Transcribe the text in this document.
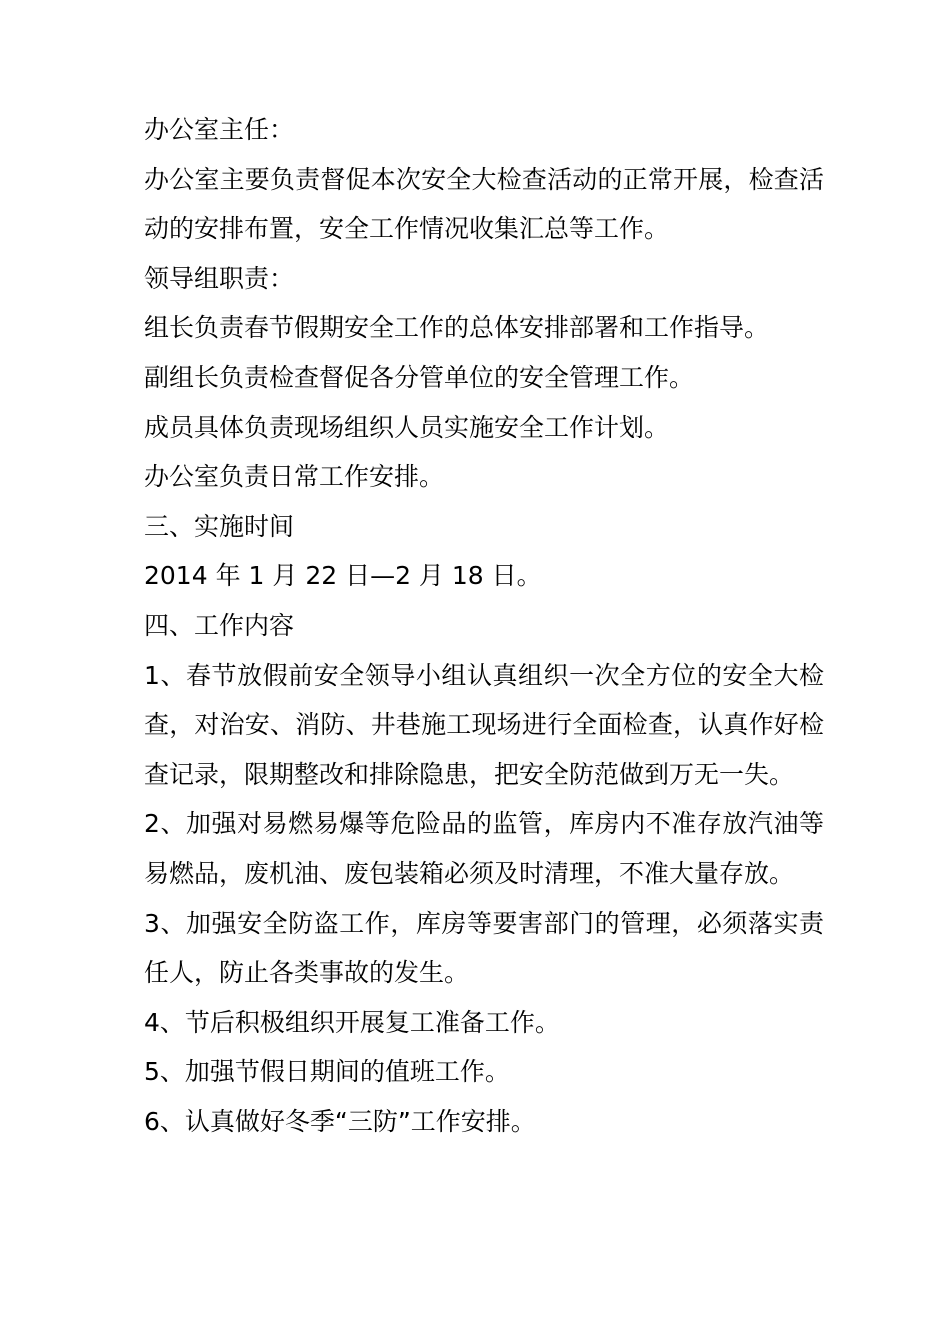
办公室主任：

办公室主要负责督促本次安全大检查活动的正常开展，检查活动的安排布置，安全工作情况收集汇总等工作。

领导组职责：

组长负责春节假期安全工作的总体安排部署和工作指导。

副组长负责检查督促各分管单位的安全管理工作。

成员具体负责现场组织人员实施安全工作计划。

办公室负责日常工作安排。

三、实施时间

2014 年 1 月 22 日—2 月 18 日。

四、工作内容

1、春节放假前安全领导小组认真组织一次全方位的安全大检查，对治安、消防、井巷施工现场进行全面检查，认真作好检查记录，限期整改和排除隐患，把安全防范做到万无一失。

2、加强对易燃易爆等危险品的监管，库房内不准存放汽油等易燃品，废机油、废包装箱必须及时清理，不准大量存放。

3、加强安全防盗工作，库房等要害部门的管理，必须落实责任人，防止各类事故的发生。

4、节后积极组织开展复工准备工作。

5、加强节假日期间的值班工作。

6、认真做好冬季“三防”工作安排。
